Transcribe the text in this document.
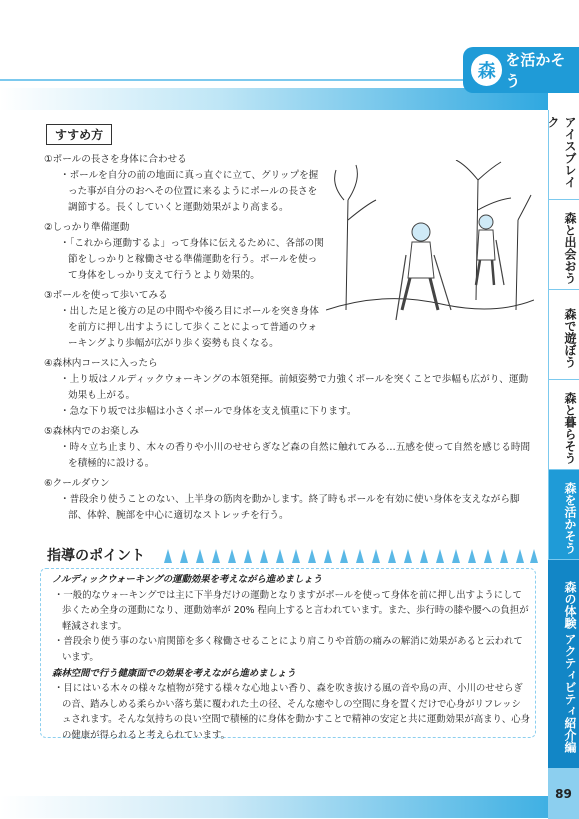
森
を活かそう
すすめ方
①ポールの長さを身体に合わせる
・ポールを自分の前の地面に真っ直ぐに立て、グリップを握った事が自分のおへその位置に来るようにポールの長さを調節する。長くしていくと運動効果がより高まる。
②しっかり準備運動
・「これから運動するよ」って身体に伝えるために、各部の関節をしっかりと稼働させる準備運動を行う。ポールを使って身体をしっかり支えて行うとより効果的。
③ポールを使って歩いてみる
・出した足と後方の足の中間やや後ろ目にポールを突き身体を前方に押し出すようにして歩くことによって普通のウォーキングより歩幅が広がり歩く姿勢も良くなる。
④森林内コースに入ったら
・上り坂はノルディックウォーキングの本領発揮。前傾姿勢で力強くポールを突くことで歩幅も広がり、運動効果も上がる。
・急な下り坂では歩幅は小さくポールで身体を支え慎重に下ります。
⑤森林内でのお楽しみ
・時々立ち止まり、木々の香りや小川のせせらぎなど森の自然に触れてみる…五感を使って自然を感じる時間を積極的に設ける。
⑥クールダウン
・普段余り使うことのない、上半身の筋肉を動かします。終了時もポールを有効に使い身体を支えながら脚部、体幹、腕部を中心に適切なストレッチを行う。
指導のポイント
ノルディックウォーキングの運動効果を考えながら進めましょう
・一般的なウォーキングでは主に下半身だけの運動となりますがポールを使って身体を前に押し出すようにして歩くため全身の運動になり、運動効率が 20% 程向上すると言われています。また、歩行時の膝や腰への負担が軽減されます。
・普段余り使う事のない肩関節を多く稼働させることにより肩こりや首筋の痛みの解消に効果があると云われています。
森林空間で行う健康面での効果を考えながら進めましょう
・目にはいる木々の様々な植物が発する様々な心地よい香り、森を吹き抜ける風の音や鳥の声、小川のせせらぎの音、踏みしめる柔らかい落ち葉に覆われた土の径、そんな癒やしの空間に身を置くだけで心身がリフレッシュされます。そんな気持ちの良い空間で積極的に身体を動かすことで精神の安定と共に運動効果が高まり、心身の健康が得られると考えられています。
アイスブレイク
森と出会おう
森で遊ぼう
森と暮らそう
森を活かそう
森の体験 アクティビティ紹介編
89
